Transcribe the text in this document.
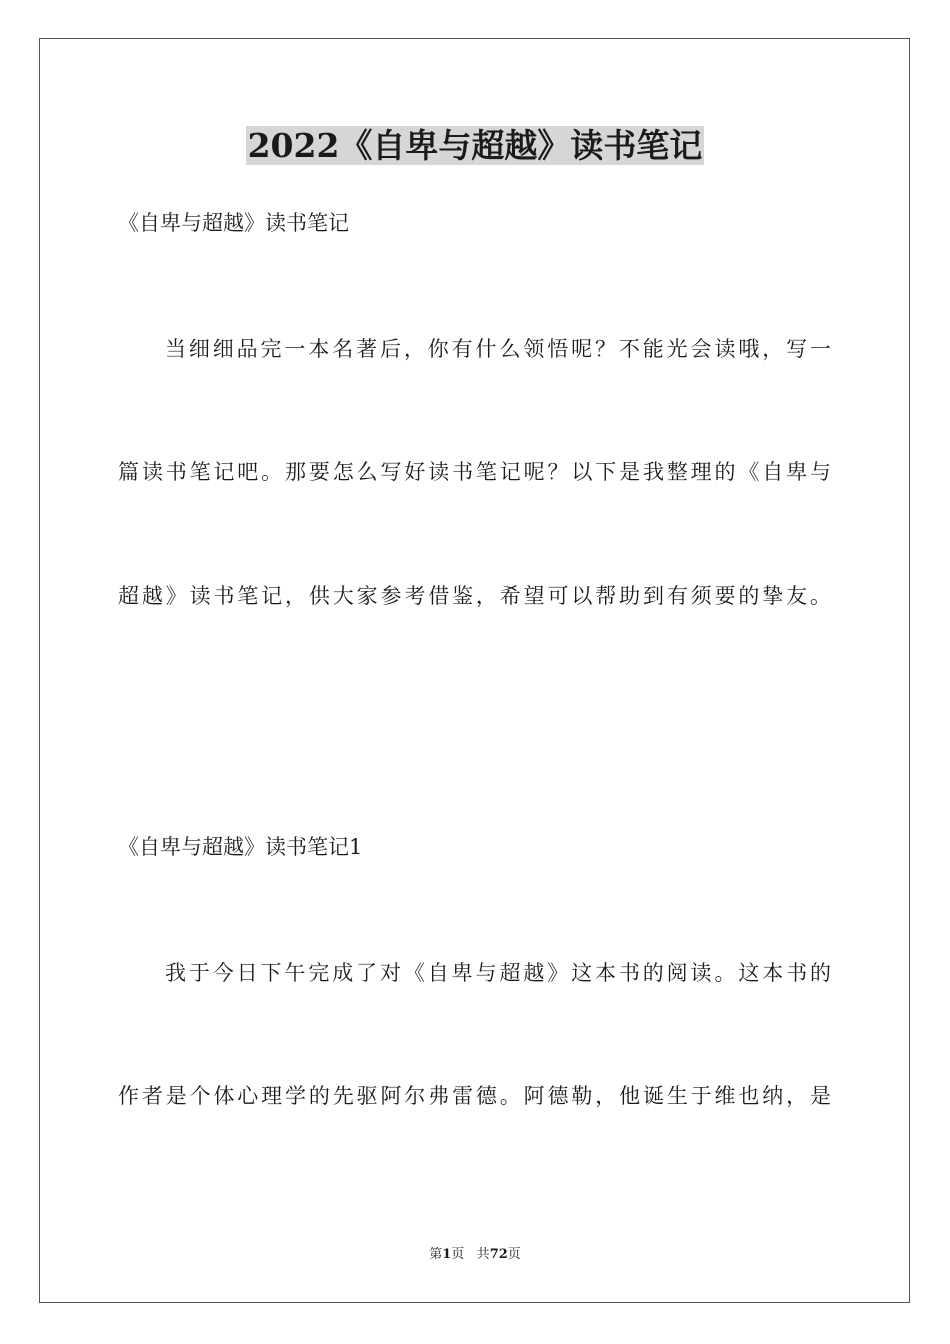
2022《自卑与超越》读书笔记
《自卑与超越》读书笔记
当细细品完一本名著后，你有什么领悟呢？不能光会读哦，写一
篇读书笔记吧。那要怎么写好读书笔记呢？以下是我整理的《自卑与
超越》读书笔记，供大家参考借鉴，希望可以帮助到有须要的挚友。
《自卑与超越》读书笔记1
我于今日下午完成了对《自卑与超越》这本书的阅读。这本书的
作者是个体心理学的先驱阿尔弗雷德。阿德勒，他诞生于维也纳，是
第1页 共72页
